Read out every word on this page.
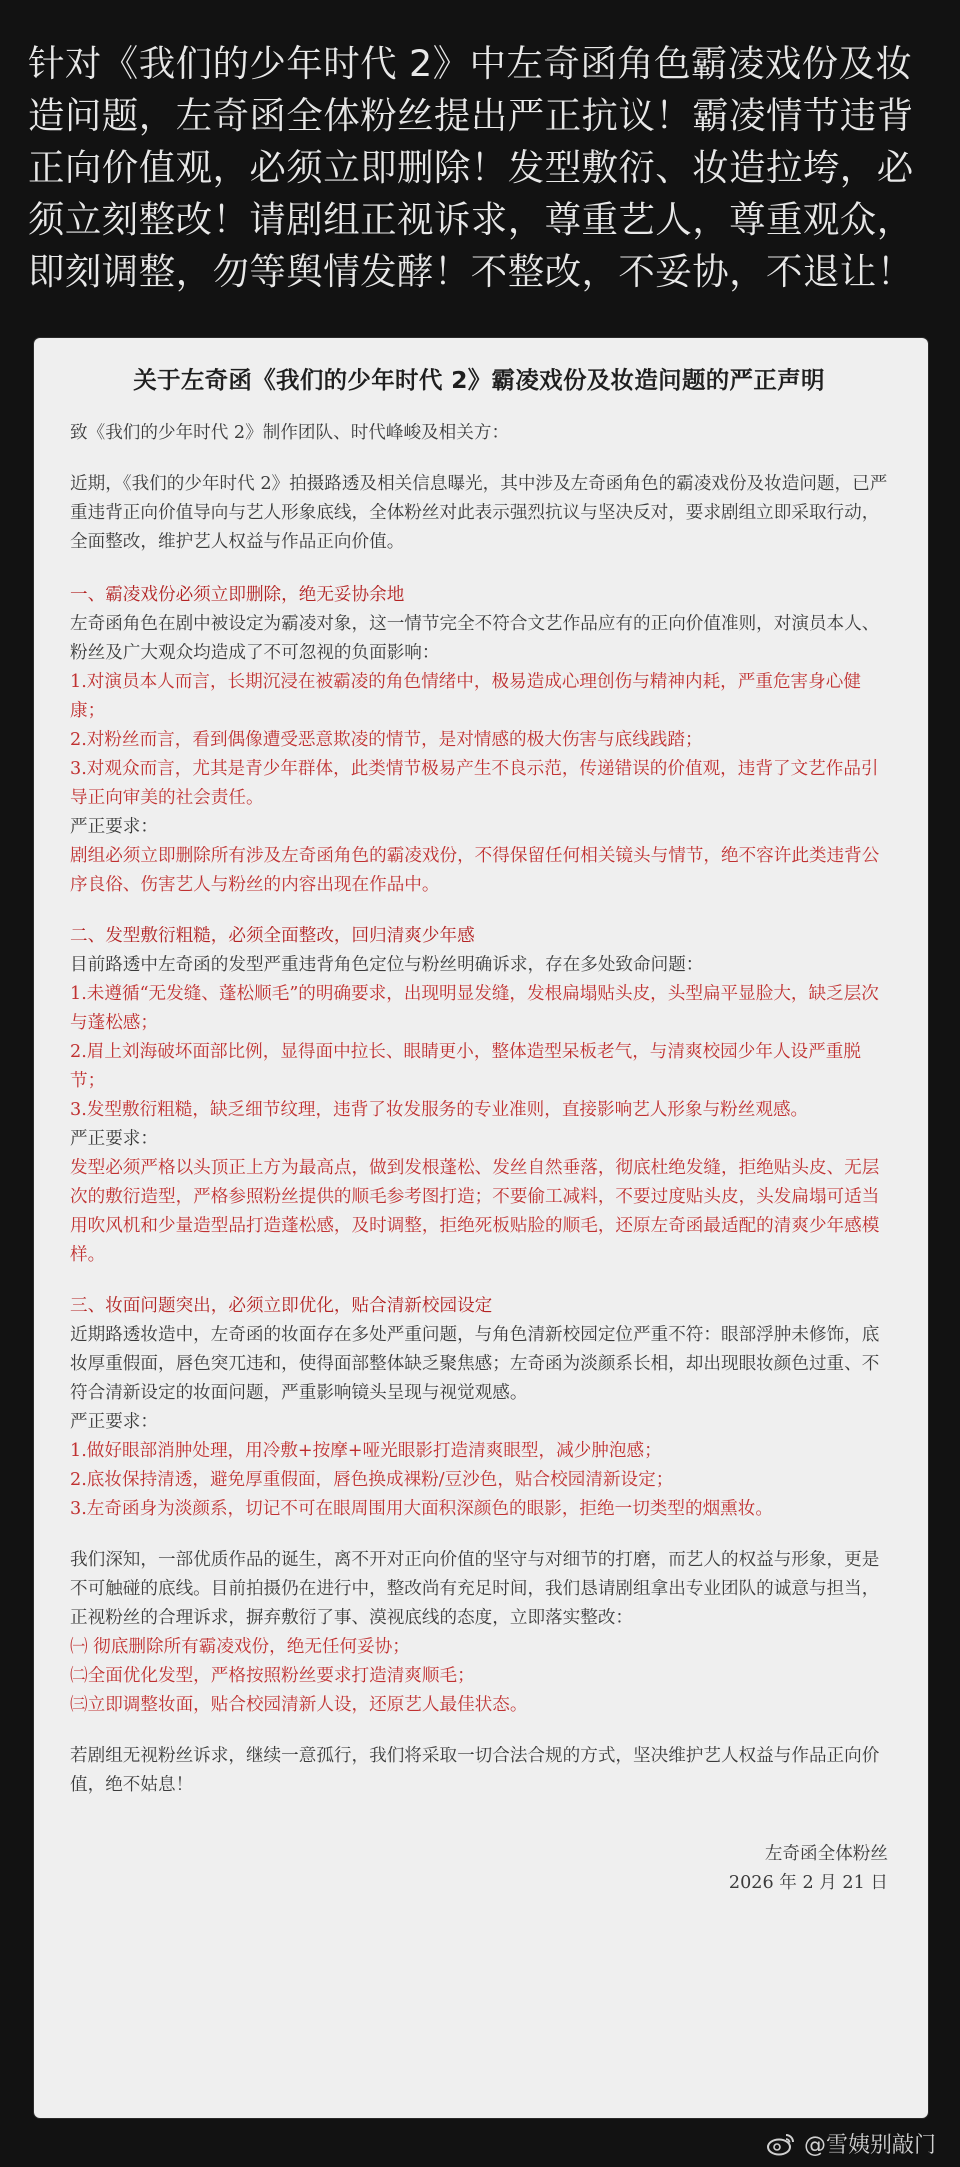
针对《我们的少年时代 2》中左奇函角色霸凌戏份及妆造问题，左奇函全体粉丝提出严正抗议！霸凌情节违背正向价值观，必须立即删除！发型敷衍、妆造拉垮，必须立刻整改！请剧组正视诉求，尊重艺人，尊重观众，即刻调整，勿等舆情发酵！不整改，不妥协，不退让！
关于左奇函《我们的少年时代 2》霸凌戏份及妆造问题的严正声明
致《我们的少年时代 2》制作团队、时代峰峻及相关方：
近期，《我们的少年时代 2》拍摄路透及相关信息曝光，其中涉及左奇函角色的霸凌戏份及妆造问题，已严重违背正向价值导向与艺人形象底线，全体粉丝对此表示强烈抗议与坚决反对，要求剧组立即采取行动，全面整改，维护艺人权益与作品正向价值。

一、霸凌戏份必须立即删除，绝无妥协余地

左奇函角色在剧中被设定为霸凌对象，这一情节完全不符合文艺作品应有的正向价值准则，对演员本人、粉丝及广大观众均造成了不可忽视的负面影响：

1.对演员本人而言，长期沉浸在被霸凌的角色情绪中，极易造成心理创伤与精神内耗，严重危害身心健康；

2.对粉丝而言，看到偶像遭受恶意欺凌的情节，是对情感的极大伤害与底线践踏；

3.对观众而言，尤其是青少年群体，此类情节极易产生不良示范，传递错误的价值观，违背了文艺作品引导正向审美的社会责任。

严正要求：

剧组必须立即删除所有涉及左奇函角色的霸凌戏份，不得保留任何相关镜头与情节，绝不容许此类违背公序良俗、伤害艺人与粉丝的内容出现在作品中。

二、发型敷衍粗糙，必须全面整改，回归清爽少年感

目前路透中左奇函的发型严重违背角色定位与粉丝明确诉求，存在多处致命问题：

1.未遵循“无发缝、蓬松顺毛”的明确要求，出现明显发缝，发根扁塌贴头皮，头型扁平显脸大，缺乏层次与蓬松感；

2.眉上刘海破坏面部比例，显得面中拉长、眼睛更小，整体造型呆板老气，与清爽校园少年人设严重脱节；

3.发型敷衍粗糙，缺乏细节纹理，违背了妆发服务的专业准则，直接影响艺人形象与粉丝观感。

严正要求：

发型必须严格以头顶正上方为最高点，做到发根蓬松、发丝自然垂落，彻底杜绝发缝，拒绝贴头皮、无层次的敷衍造型，严格参照粉丝提供的顺毛参考图打造；不要偷工减料，不要过度贴头皮，头发扁塌可适当用吹风机和少量造型品打造蓬松感，及时调整，拒绝死板贴脸的顺毛，还原左奇函最适配的清爽少年感模样。

三、妆面问题突出，必须立即优化，贴合清新校园设定

近期路透妆造中，左奇函的妆面存在多处严重问题，与角色清新校园定位严重不符：眼部浮肿未修饰，底妆厚重假面，唇色突兀违和，使得面部整体缺乏聚焦感；左奇函为淡颜系长相，却出现眼妆颜色过重、不符合清新设定的妆面问题，严重影响镜头呈现与视觉观感。

严正要求：

1.做好眼部消肿处理，用冷敷+按摩+哑光眼影打造清爽眼型，减少肿泡感；

2.底妆保持清透，避免厚重假面，唇色换成裸粉/豆沙色，贴合校园清新设定；

3.左奇函身为淡颜系，切记不可在眼周围用大面积深颜色的眼影，拒绝一切类型的烟熏妆。

我们深知，一部优质作品的诞生，离不开对正向价值的坚守与对细节的打磨，而艺人的权益与形象，更是不可触碰的底线。目前拍摄仍在进行中，整改尚有充足时间，我们恳请剧组拿出专业团队的诚意与担当，正视粉丝的合理诉求，摒弃敷衍了事、漠视底线的态度，立即落实整改：

㈠ 彻底删除所有霸凌戏份，绝无任何妥协；

㈡全面优化发型，严格按照粉丝要求打造清爽顺毛；

㈢立即调整妆面，贴合校园清新人设，还原艺人最佳状态。

若剧组无视粉丝诉求，继续一意孤行，我们将采取一切合法合规的方式，坚决维护艺人权益与作品正向价值，绝不姑息！

左奇函全体粉丝
2026 年 2 月 21 日
@雪姨别敲门
